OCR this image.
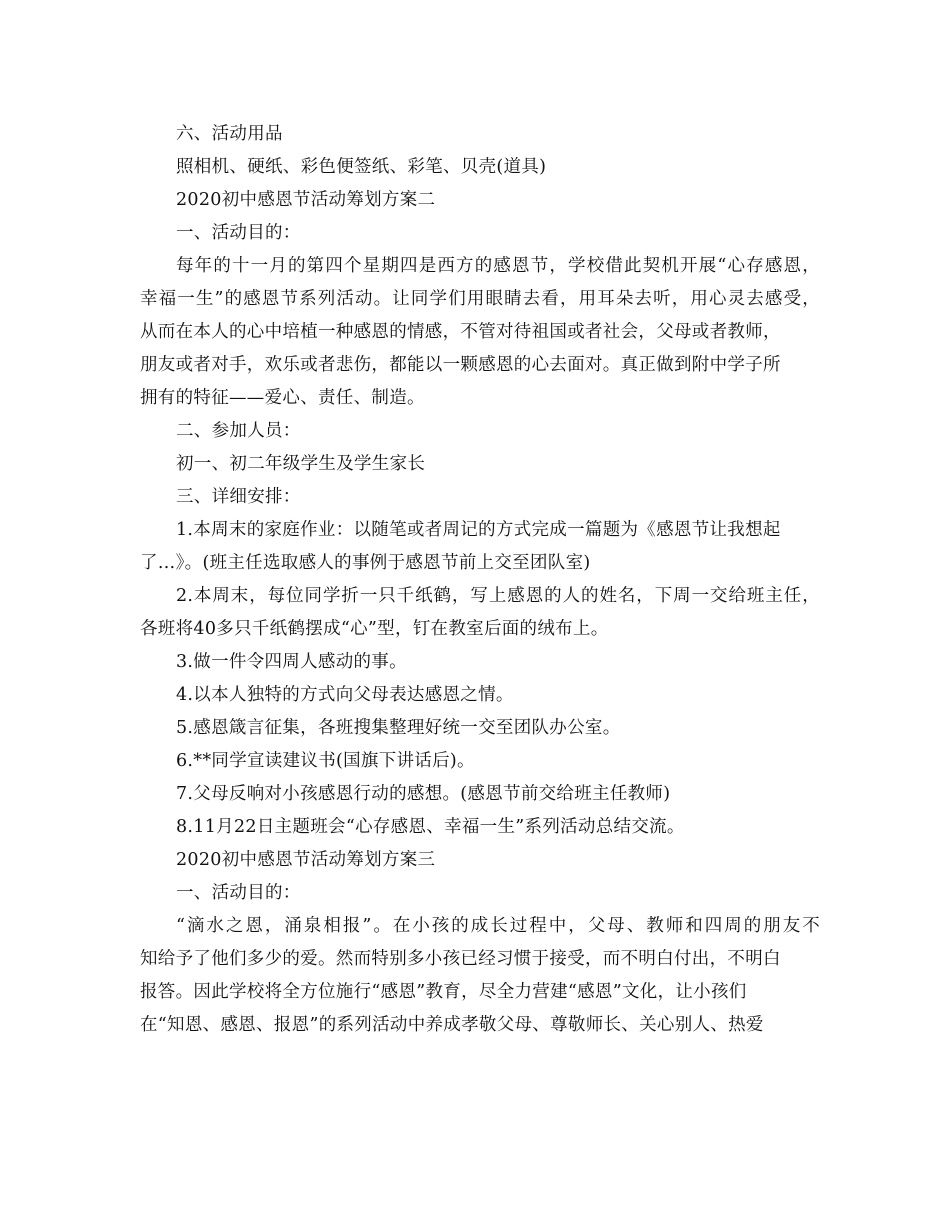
六、活动用品
照相机、硬纸、彩色便签纸、彩笔、贝壳(道具)
2020初中感恩节活动筹划方案二
一、活动目的：
每年的十一月的第四个星期四是西方的感恩节，学校借此契机开展“心存感恩，
幸福一生”的感恩节系列活动。让同学们用眼睛去看，用耳朵去听，用心灵去感受，
从而在本人的心中培植一种感恩的情感，不管对待祖国或者社会，父母或者教师，
朋友或者对手，欢乐或者悲伤，都能以一颗感恩的心去面对。真正做到附中学子所
拥有的特征——爱心、责任、制造。
二、参加人员：
初一、初二年级学生及学生家长
三、详细安排：
1.本周末的家庭作业：以随笔或者周记的方式完成一篇题为《感恩节让我想起
了…》。(班主任选取感人的事例于感恩节前上交至团队室)
2.本周末，每位同学折一只千纸鹤，写上感恩的人的姓名，下周一交给班主任，
各班将40多只千纸鹤摆成“心”型，钉在教室后面的绒布上。
3.做一件令四周人感动的事。
4.以本人独特的方式向父母表达感恩之情。
5.感恩箴言征集，各班搜集整理好统一交至团队办公室。
6.**同学宣读建议书(国旗下讲话后)。
7.父母反响对小孩感恩行动的感想。(感恩节前交给班主任教师)
8.11月22日主题班会“心存感恩、幸福一生”系列活动总结交流。
2020初中感恩节活动筹划方案三
一、活动目的：
“滴水之恩，涌泉相报”。在小孩的成长过程中，父母、教师和四周的朋友不
知给予了他们多少的爱。然而特别多小孩已经习惯于接受，而不明白付出，不明白
报答。因此学校将全方位施行“感恩”教育，尽全力营建“感恩”文化，让小孩们
在“知恩、感恩、报恩”的系列活动中养成孝敬父母、尊敬师长、关心别人、热爱
